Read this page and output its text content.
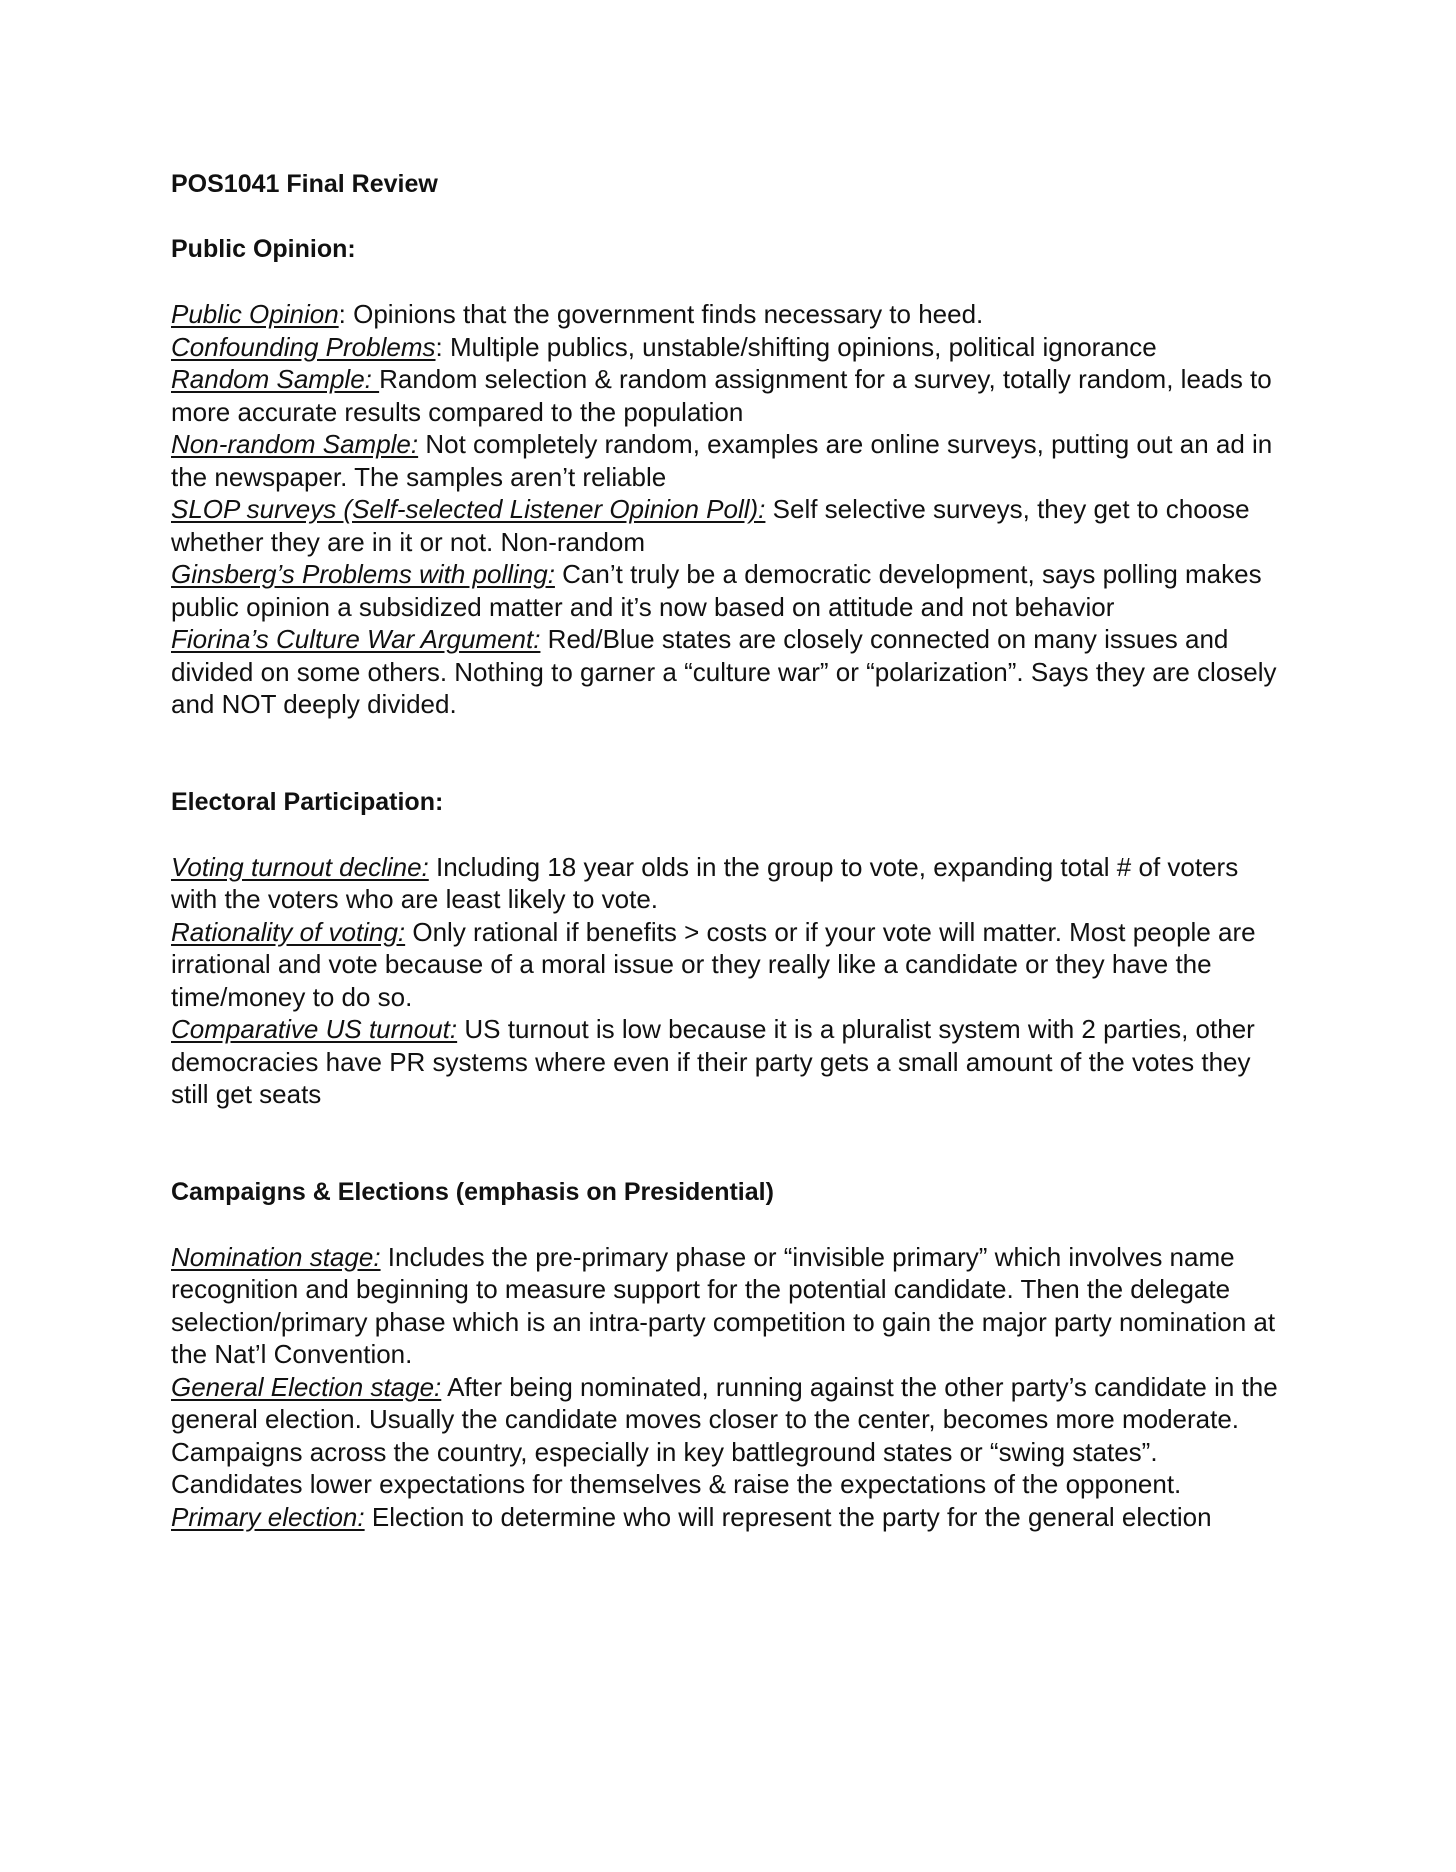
POS1041 Final Review
Public Opinion:

Public Opinion: Opinions that the government finds necessary to heed.

Confounding Problems: Multiple publics, unstable/shifting opinions, political ignorance

Random Sample: Random selection & random assignment for a survey, totally random, leads to more accurate results compared to the population

Non-random Sample: Not completely random, examples are online surveys, putting out an ad in the newspaper. The samples aren’t reliable

SLOP surveys (Self-selected Listener Opinion Poll): Self selective surveys, they get to choose whether they are in it or not. Non-random

Ginsberg’s Problems with polling: Can’t truly be a democratic development, says polling makes public opinion a subsidized matter and it’s now based on attitude and not behavior

Fiorina’s Culture War Argument: Red/Blue states are closely connected on many issues and divided on some others. Nothing to garner a “culture war” or “polarization”. Says they are closely and NOT deeply divided.

Electoral Participation:

Voting turnout decline: Including 18 year olds in the group to vote, expanding total # of voters with the voters who are least likely to vote.

Rationality of voting: Only rational if benefits > costs or if your vote will matter. Most people are irrational and vote because of a moral issue or they really like a candidate or they have the time/money to do so.

Comparative US turnout: US turnout is low because it is a pluralist system with 2 parties, other democracies have PR systems where even if their party gets a small amount of the votes they still get seats

Campaigns & Elections (emphasis on Presidential)

Nomination stage: Includes the pre-primary phase or “invisible primary” which involves name recognition and beginning to measure support for the potential candidate. Then the delegate selection/primary phase which is an intra-party competition to gain the major party nomination at the Nat’l Convention.

General Election stage: After being nominated, running against the other party’s candidate in the general election. Usually the candidate moves closer to the center, becomes more moderate. Campaigns across the country, especially in key battleground states or “swing states”. Candidates lower expectations for themselves & raise the expectations of the opponent.

Primary election: Election to determine who will represent the party for the general election
